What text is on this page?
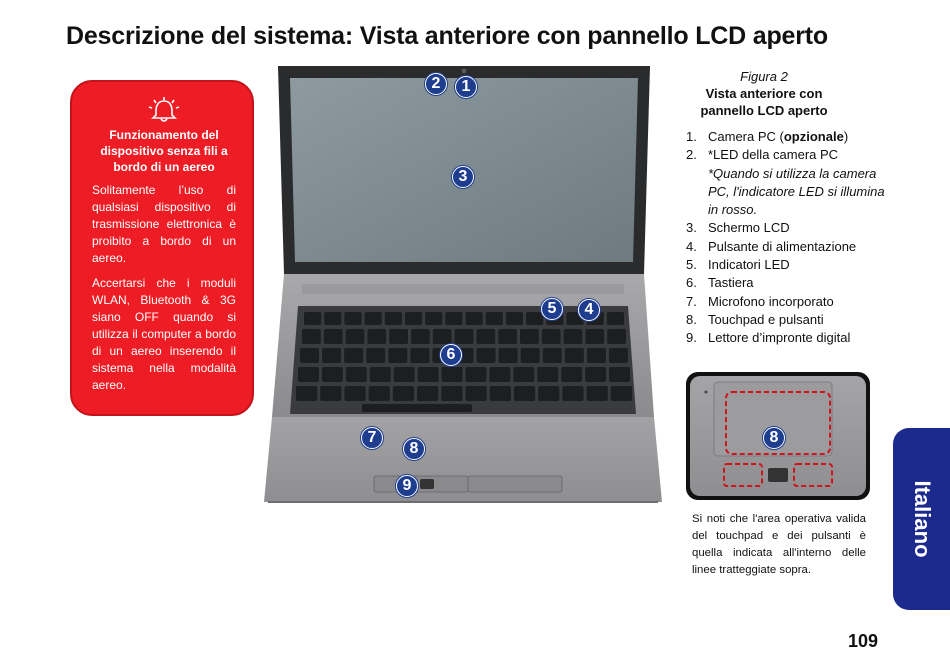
Descrizione del sistema: Vista anteriore con pannello LCD aperto
Funzionamento del dispositivo senza fili a bordo di un aereo

Solitamente l’uso di qualsiasi dispositivo di trasmissione elettronica è proibito a bordo di un aereo.

Accertarsi che i moduli WLAN, Bluetooth & 3G siano OFF quando si utilizza il computer a bordo di un aereo inserendo il sistema nella modalità aereo.

2	1
3
5	4
6
7
8
9
Figura 2
Vista anteriore con pannello LCD aperto
1. Camera PC (opzionale)
2. *LED della camera PC
*Quando si utilizza la camera PC, l'indicatore LED si illumina in rosso.
3. Schermo LCD
4. Pulsante di alimentazione
5. Indicatori LED
6. Tastiera
7. Microfono incorporato
8. Touchpad e pulsanti
9. Lettore d’impronte digital
8

Si noti che l'area operativa valida del touchpad e dei pulsanti è quella indicata all'interno delle linee tratteggiate sopra.

Italiano
109
